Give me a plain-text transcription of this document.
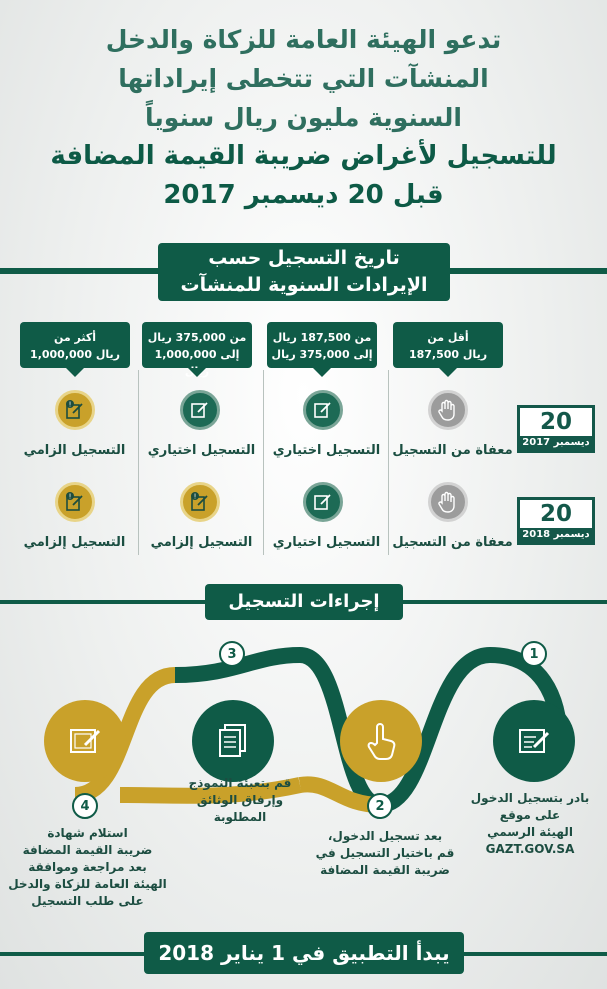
تدعو الهيئة العامة للزكاة والدخل
المنشآت التي تتخطى إيراداتها
السنوية مليون ريال سنوياً
للتسجيل لأغراض ضريبة القيمة المضافة
قبل 20 ديسمبر 2017
تاريخ التسجيل حسب
الإيرادات السنوية للمنشآت
أقل من
187,500 ريال
من 187,500 ريال
إلى 375,000 ريال
من 375,000 ريال
إلى 1,000,000 ريال
أكثر من
1,000,000 ريال
!
معفاة من التسجيل
التسجيل اختياري
التسجيل اختياري
التسجيل الزامي
20
ديسمبر 2017
!
!
معفاة من التسجيل
التسجيل اختياري
التسجيل إلزامي
التسجيل إلزامي
20
ديسمبر 2018
إجراءات التسجيل
1
2
3
4
بادر بتسجيل الدخول
على موقع
الهيئة الرسمي
GAZT.GOV.SA
بعد تسجيل الدخول،
قم باختيار التسجيل في
ضريبة القيمة المضافة
قم بتعبئة النموذج
وإرفاق الوثائق
المطلوبة
استلام شهادة
ضريبة القيمة المضافة
بعد مراجعة وموافقة
الهيئة العامة للزكاة والدخل
على طلب التسجيل
يبدأ التطبيق في 1 يناير 2018
